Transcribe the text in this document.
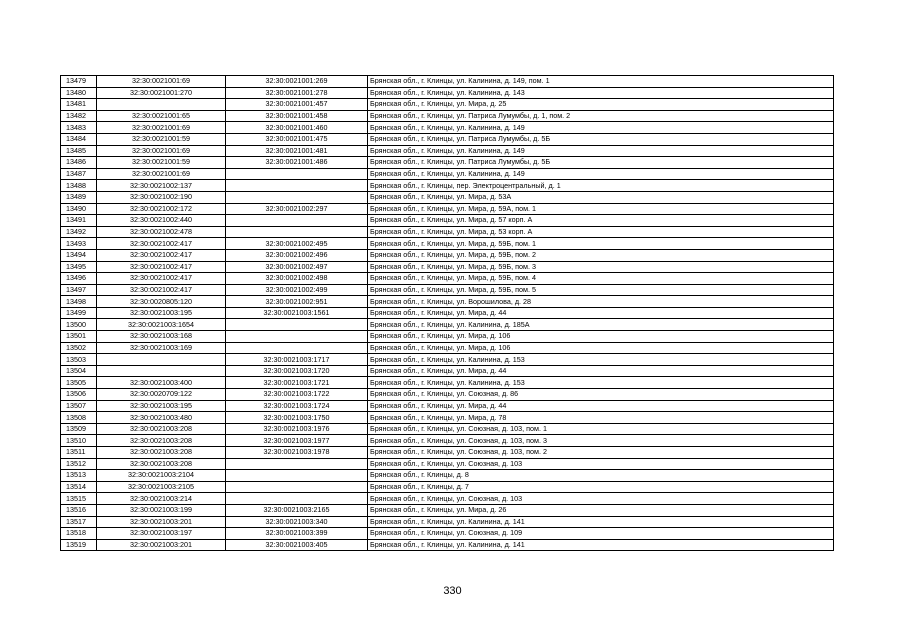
13479	32:30:0021001:69	32:30:0021001:269	Брянская обл., г. Клинцы, ул. Калинина, д. 149, пом. 1
13480	32:30:0021001:270	32:30:0021001:278	Брянская обл., г. Клинцы, ул. Калинина, д. 143
13481		32:30:0021001:457	Брянская обл., г. Клинцы, ул. Мира, д. 25
13482	32:30:0021001:65	32:30:0021001:458	Брянская обл., г. Клинцы, ул. Патриса Лумумбы, д. 1, пом. 2
13483	32:30:0021001:69	32:30:0021001:460	Брянская обл., г. Клинцы, ул. Калинина, д. 149
13484	32:30:0021001:59	32:30:0021001:475	Брянская обл., г. Клинцы, ул. Патриса Лумумбы, д. 5Б
13485	32:30:0021001:69	32:30:0021001:481	Брянская обл., г. Клинцы, ул. Калинина, д. 149
13486	32:30:0021001:59	32:30:0021001:486	Брянская обл., г. Клинцы, ул. Патриса Лумумбы, д. 5Б
13487	32:30:0021001:69		Брянская обл., г. Клинцы, ул. Калинина, д. 149
13488	32:30:0021002:137		Брянская обл., г. Клинцы, пер. Электроцентральный, д. 1
13489	32:30:0021002:190		Брянская обл., г. Клинцы, ул. Мира, д. 53А
13490	32:30:0021002:172	32:30:0021002:297	Брянская обл., г. Клинцы, ул. Мира, д. 59А, пом. 1
13491	32:30:0021002:440		Брянская обл., г. Клинцы, ул. Мира, д. 57 корп. А
13492	32:30:0021002:478		Брянская обл., г. Клинцы, ул. Мира, д. 53 корп. А
13493	32:30:0021002:417	32:30:0021002:495	Брянская обл., г. Клинцы, ул. Мира, д. 59Б, пом. 1
13494	32:30:0021002:417	32:30:0021002:496	Брянская обл., г. Клинцы, ул. Мира, д. 59Б, пом. 2
13495	32:30:0021002:417	32:30:0021002:497	Брянская обл., г. Клинцы, ул. Мира, д. 59Б, пом. 3
13496	32:30:0021002:417	32:30:0021002:498	Брянская обл., г. Клинцы, ул. Мира, д. 59Б, пом. 4
13497	32:30:0021002:417	32:30:0021002:499	Брянская обл., г. Клинцы, ул. Мира, д. 59Б, пом. 5
13498	32:30:0020805:120	32:30:0021002:951	Брянская обл., г. Клинцы, ул. Ворошилова, д. 28
13499	32:30:0021003:195	32:30:0021003:1561	Брянская обл., г. Клинцы, ул. Мира, д. 44
13500	32:30:0021003:1654		Брянская обл., г. Клинцы, ул. Калинина, д. 185А
13501	32:30:0021003:168		Брянская обл., г. Клинцы, ул. Мира, д. 106
13502	32:30:0021003:169		Брянская обл., г. Клинцы, ул. Мира, д. 106
13503		32:30:0021003:1717	Брянская обл., г. Клинцы, ул. Калинина, д. 153
13504		32:30:0021003:1720	Брянская обл., г. Клинцы, ул. Мира, д. 44
13505	32:30:0021003:400	32:30:0021003:1721	Брянская обл., г. Клинцы, ул. Калинина, д. 153
13506	32:30:0020709:122	32:30:0021003:1722	Брянская обл., г. Клинцы, ул. Союзная, д. 86
13507	32:30:0021003:195	32:30:0021003:1724	Брянская обл., г. Клинцы, ул. Мира, д. 44
13508	32:30:0021003:480	32:30:0021003:1750	Брянская обл., г. Клинцы, ул. Мира, д. 78
13509	32:30:0021003:208	32:30:0021003:1976	Брянская обл., г. Клинцы, ул. Союзная, д. 103, пом. 1
13510	32:30:0021003:208	32:30:0021003:1977	Брянская обл., г. Клинцы, ул. Союзная, д. 103, пом. 3
13511	32:30:0021003:208	32:30:0021003:1978	Брянская обл., г. Клинцы, ул. Союзная, д. 103, пом. 2
13512	32:30:0021003:208		Брянская обл., г. Клинцы, ул. Союзная, д. 103
13513	32:30:0021003:2104		Брянская обл., г. Клинцы, д. 8
13514	32:30:0021003:2105		Брянская обл., г. Клинцы, д. 7
13515	32:30:0021003:214		Брянская обл., г. Клинцы, ул. Союзная, д. 103
13516	32:30:0021003:199	32:30:0021003:2165	Брянская обл., г. Клинцы, ул. Мира, д. 26
13517	32:30:0021003:201	32:30:0021003:340	Брянская обл., г. Клинцы, ул. Калинина, д. 141
13518	32:30:0021003:197	32:30:0021003:399	Брянская обл., г. Клинцы, ул. Союзная, д. 109
13519	32:30:0021003:201	32:30:0021003:405	Брянская обл., г. Клинцы, ул. Калинина, д. 141
330
